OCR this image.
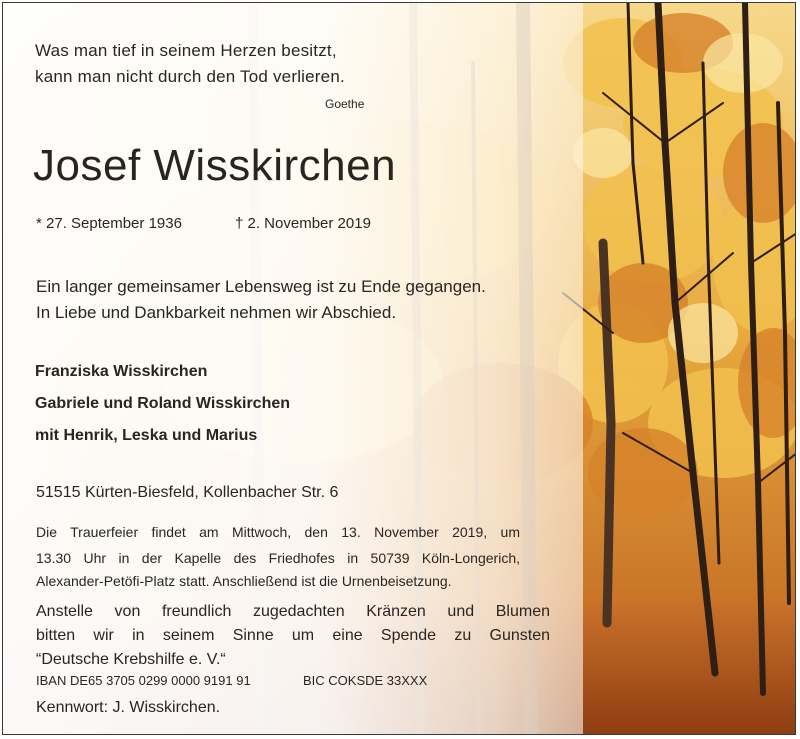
Was man tief in seinem Herzen besitzt,
kann man nicht durch den Tod verlieren.
Goethe
Josef Wisskirchen
* 27. September 1936	† 2. November 2019
Ein langer gemeinsamer Lebensweg ist zu Ende gegangen.
In Liebe und Dankbarkeit nehmen wir Abschied.
Franziska Wisskirchen
Gabriele und Roland Wisskirchen
mit Henrik, Leska und Marius
51515 Kürten-Biesfeld, Kollenbacher Str. 6
Die Trauerfeier findet am Mittwoch, den 13. November 2019, um
13.30 Uhr in der Kapelle des Friedhofes in 50739 Köln-Longerich,
Alexander-Petöfi-Platz statt. Anschließend ist die Urnenbeisetzung.
Anstelle von freundlich zugedachten Kränzen und Blumen
bitten wir in seinem Sinne um eine Spende zu Gunsten
“Deutsche Krebshilfe e. V.“
IBAN DE65 3705 0299 0000 9191 91	BIC COKSDE 33XXX
Kennwort: J. Wisskirchen.
